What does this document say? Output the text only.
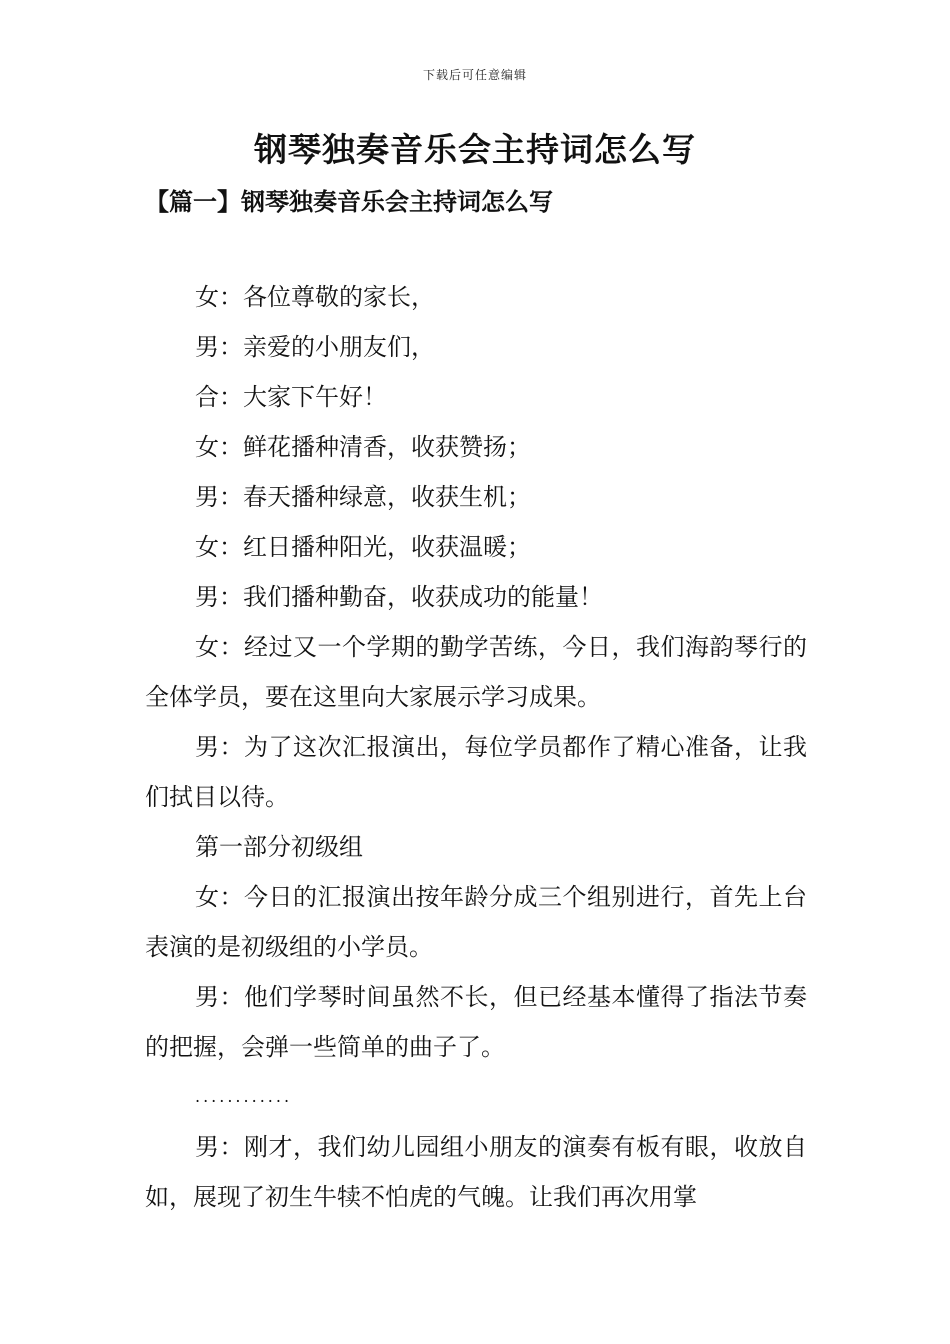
下载后可任意编辑
钢琴独奏音乐会主持词怎么写
【篇一】钢琴独奏音乐会主持词怎么写

女：各位尊敬的家长，

男：亲爱的小朋友们，

合：大家下午好！

女：鲜花播种清香，收获赞扬；

男：春天播种绿意，收获生机；

女：红日播种阳光，收获温暖；

男：我们播种勤奋，收获成功的能量！

女：经过又一个学期的勤学苦练，今日，我们海韵琴行的全体学员，要在这里向大家展示学习成果。

男：为了这次汇报演出，每位学员都作了精心准备，让我们拭目以待。

第一部分初级组

女：今日的汇报演出按年龄分成三个组别进行，首先上台表演的是初级组的小学员。

男：他们学琴时间虽然不长，但已经基本懂得了指法节奏的把握，会弹一些简单的曲子了。

............

男：刚才，我们幼儿园组小朋友的演奏有板有眼，收放自如，展现了初生牛犊不怕虎的气魄。让我们再次用掌
